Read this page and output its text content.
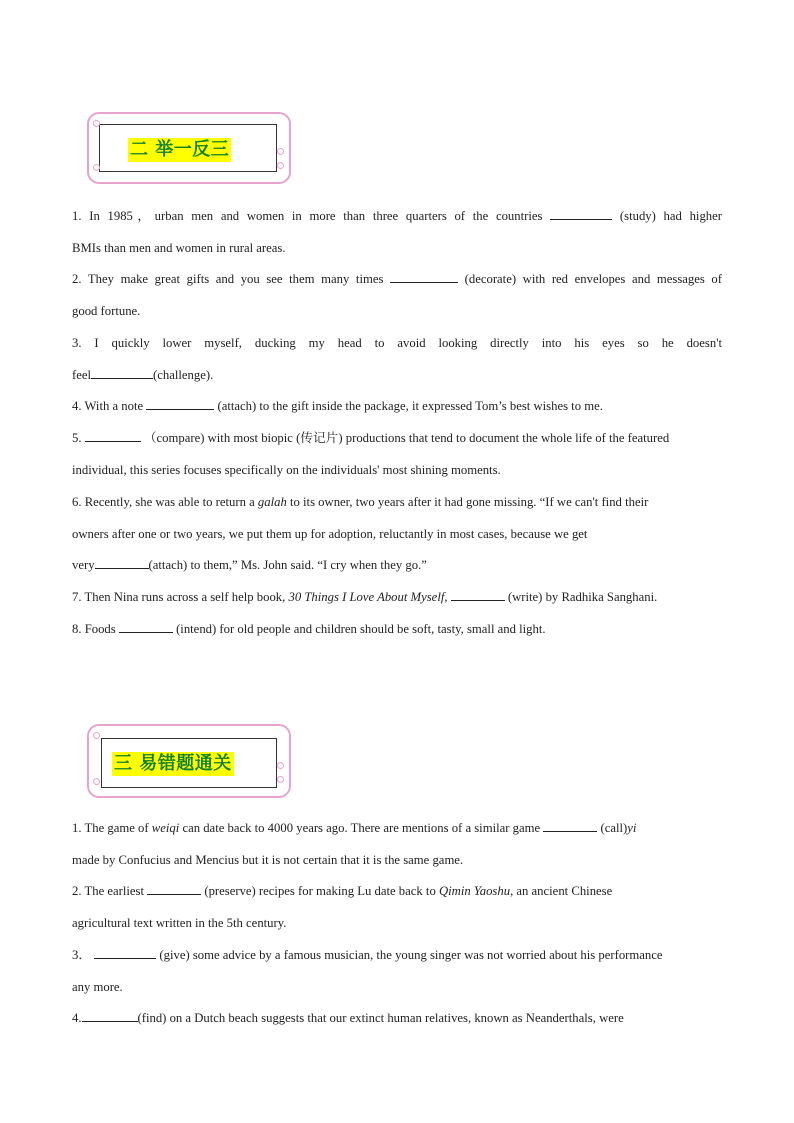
二 举一反三
1. In 1985，urban men and women in more than three quarters of the countries	(study) had higher
BMIs than men and women in rural areas.
2. They make great gifts and you see them many times	(decorate) with red envelopes and messages of
good fortune.
3. I quickly lower myself, ducking my head to avoid looking directly into his eyes so he doesn't
feel	(challenge).
4. With a note	(attach) to the gift inside the package, it expressed Tom’s best wishes to me.
5.	（compare) with most biopic (传记片) productions that tend to document the whole life of the featured
individual, this series focuses specifically on the individuals' most shining moments.
6. Recently, she was able to return a galah to its owner, two years after it had gone missing. “If we can't find their
owners after one or two years, we put them up for adoption, reluctantly in most cases, because we get
very	(attach) to them,” Ms. John said. “I cry when they go.”
7. Then Nina runs across a self help book, 30 Things I Love About Myself,	(write) by Radhika Sanghani.
8. Foods	(intend) for old people and children should be soft, tasty, small and light.
三 易错题通关
1. The game of weiqi can date back to 4000 years ago. There are mentions of a similar game	(call)yi
made by Confucius and Mencius but it is not certain that it is the same game.
2. The earliest	(preserve) recipes for making Lu date back to Qimin Yaoshu, an ancient Chinese
agricultural text written in the 5th century.
3．	(give) some advice by a famous musician, the young singer was not worried about his performance
any more.
4.	(find) on a Dutch beach suggests that our extinct human relatives, known as Neanderthals, were
